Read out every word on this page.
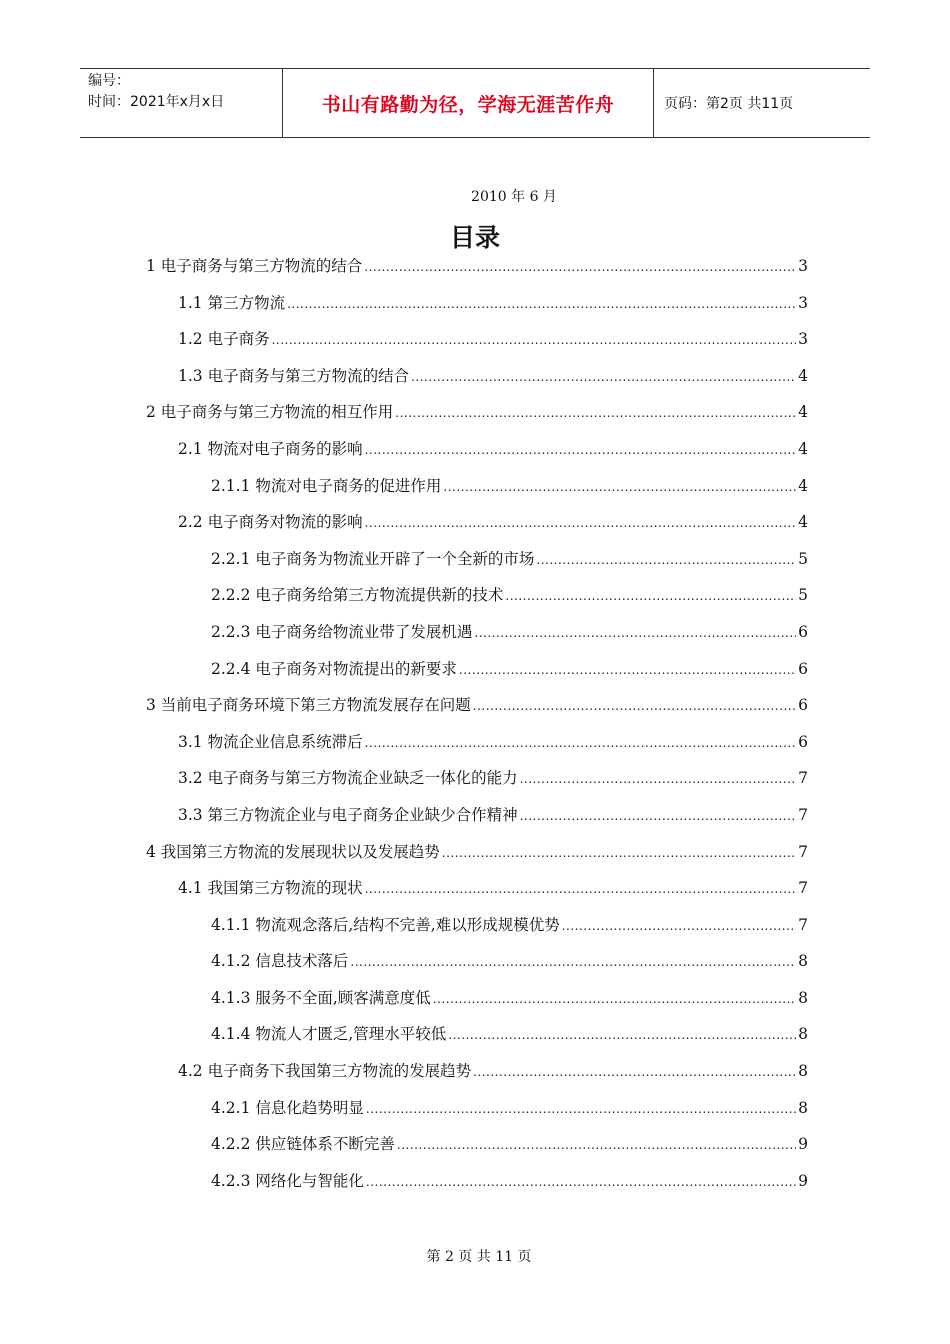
编号：
时间：2021年x月x日	书山有路勤为径，学海无涯苦作舟	页码：第2页 共11页
2010 年 6 月
目录
1 电子商务与第三方物流的结合 .....	3
1.1 第三方物流 .....	3
1.2 电子商务 .....	3
1.3 电子商务与第三方物流的结合 .....	4
2 电子商务与第三方物流的相互作用 .....	4
2.1 物流对电子商务的影响 .....	4
2.1.1 物流对电子商务的促进作用 .....	4
2.2 电子商务对物流的影响 .....	4
2.2.1 电子商务为物流业开辟了一个全新的市场 .....	5
2.2.2 电子商务给第三方物流提供新的技术 .....	5
2.2.3 电子商务给物流业带了发展机遇 .....	6
2.2.4 电子商务对物流提出的新要求 .....	6
3 当前电子商务环境下第三方物流发展存在问题 .....	6
3.1 物流企业信息系统滞后 .....	6
3.2 电子商务与第三方物流企业缺乏一体化的能力 .....	7
3.3 第三方物流企业与电子商务企业缺少合作精神 .....	7
4 我国第三方物流的发展现状以及发展趋势 .....	7
4.1 我国第三方物流的现状 .....	7
4.1.1 物流观念落后,结构不完善,难以形成规模优势 .....	7
4.1.2 信息技术落后 .....	8
4.1.3 服务不全面,顾客满意度低 .....	8
4.1.4 物流人才匮乏,管理水平较低 .....	8
4.2 电子商务下我国第三方物流的发展趋势 .....	8
4.2.1 信息化趋势明显 .....	8
4.2.2 供应链体系不断完善 .....	9
4.2.3 网络化与智能化 .....	9
第 2 页 共 11 页
